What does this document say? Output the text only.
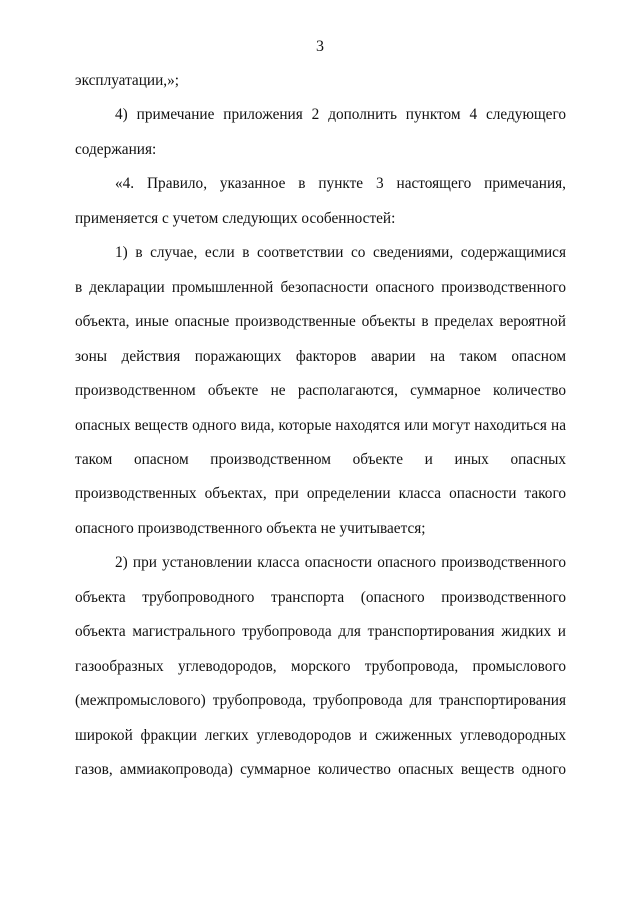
3
эксплуатации,»;
4) примечание приложения 2 дополнить пунктом 4 следующего
содержания:
«4. Правило, указанное в пункте 3 настоящего примечания,
применяется с учетом следующих особенностей:
1) в случае, если в соответствии со сведениями, содержащимися
в декларации промышленной безопасности опасного производственного
объекта, иные опасные производственные объекты в пределах вероятной
зоны действия поражающих факторов аварии на таком опасном
производственном объекте не располагаются, суммарное количество
опасных веществ одного вида, которые находятся или могут находиться на
таком опасном производственном объекте и иных опасных
производственных объектах, при определении класса опасности такого
опасного производственного объекта не учитывается;
2) при установлении класса опасности опасного производственного
объекта трубопроводного транспорта (опасного производственного
объекта магистрального трубопровода для транспортирования жидких и
газообразных углеводородов, морского трубопровода, промыслового
(межпромыслового) трубопровода, трубопровода для транспортирования
широкой фракции легких углеводородов и сжиженных углеводородных
газов, аммиакопровода) суммарное количество опасных веществ одного
